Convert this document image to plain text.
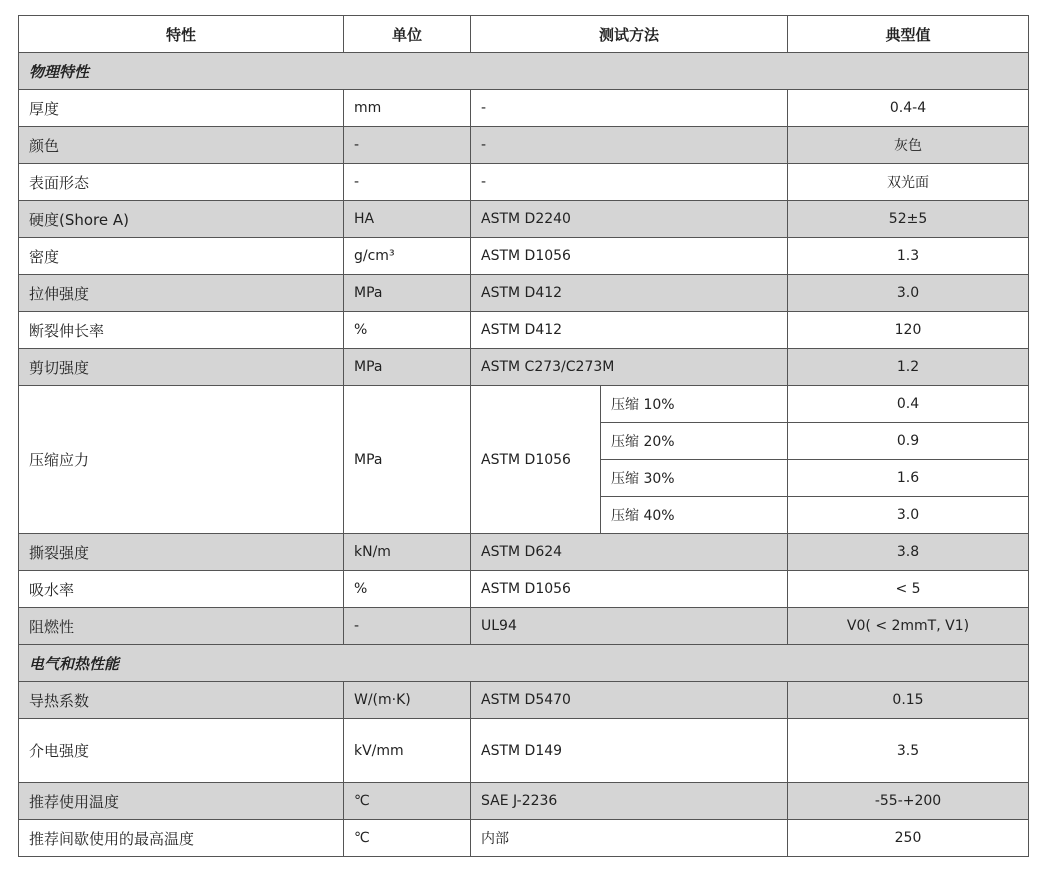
特性	单位	测试方法		典型值
物理特性				
厚度	mm	-		0.4-4
颜色	-	-		灰色
表面形态	-	-		双光面
硬度(Shore A)	HA	ASTM D2240		52±5
密度	g/cm³	ASTM D1056		1.3
拉伸强度	MPa	ASTM D412		3.0
断裂伸长率	%	ASTM D412		120
剪切强度	MPa	ASTM C273/C273M		1.2
压缩应力	MPa	ASTM D1056	压缩 10%	0.4
			压缩 20%	0.9
			压缩 30%	1.6
			压缩 40%	3.0
撕裂强度	kN/m	ASTM D624		3.8
吸水率	%	ASTM D1056		< 5
阻燃性	-	UL94		V0( < 2mmT, V1)
电气和热性能				
导热系数	W/(m·K)	ASTM D5470		0.15
介电强度	kV/mm	ASTM D149		3.5
推荐使用温度	℃	SAE J-2236		-55-+200
推荐间歇使用的最高温度	℃	内部		250
